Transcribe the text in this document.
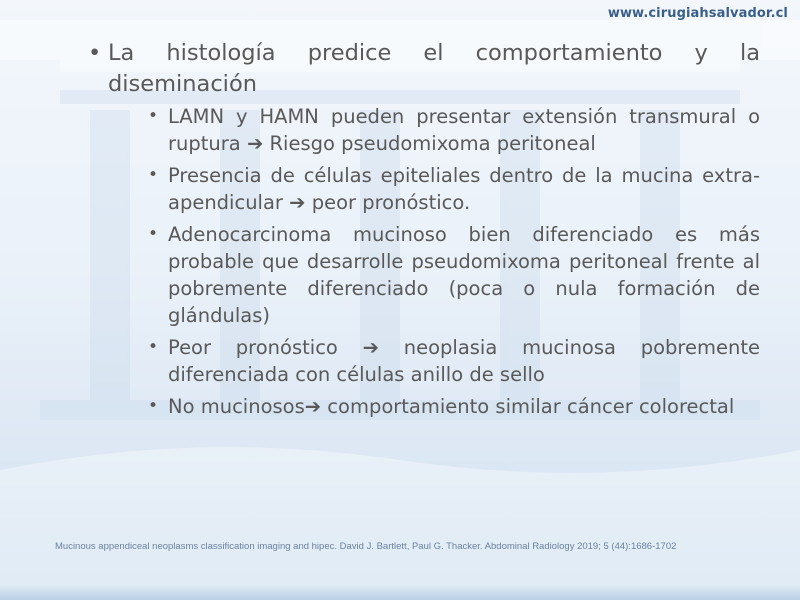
www.cirugiahsalvador.cl
• La histología predice el comportamiento y la diseminación
• LAMN y HAMN pueden presentar extensión transmural o ruptura ➔ Riesgo pseudomixoma peritoneal
• Presencia de células epiteliales dentro de la mucina extra-apendicular ➔ peor pronóstico.
• Adenocarcinoma mucinoso bien diferenciado es más probable que desarrolle pseudomixoma peritoneal frente al pobremente diferenciado (poca o nula formación de glándulas)
• Peor pronóstico ➔ neoplasia mucinosa pobremente diferenciada con células anillo de sello
• No mucinosos➔ comportamiento similar cáncer colorectal
Mucinous appendiceal neoplasms classification imaging and hipec. David J. Bartlett, Paul G. Thacker. Abdominal Radiology 2019; 5 (44):1686-1702
